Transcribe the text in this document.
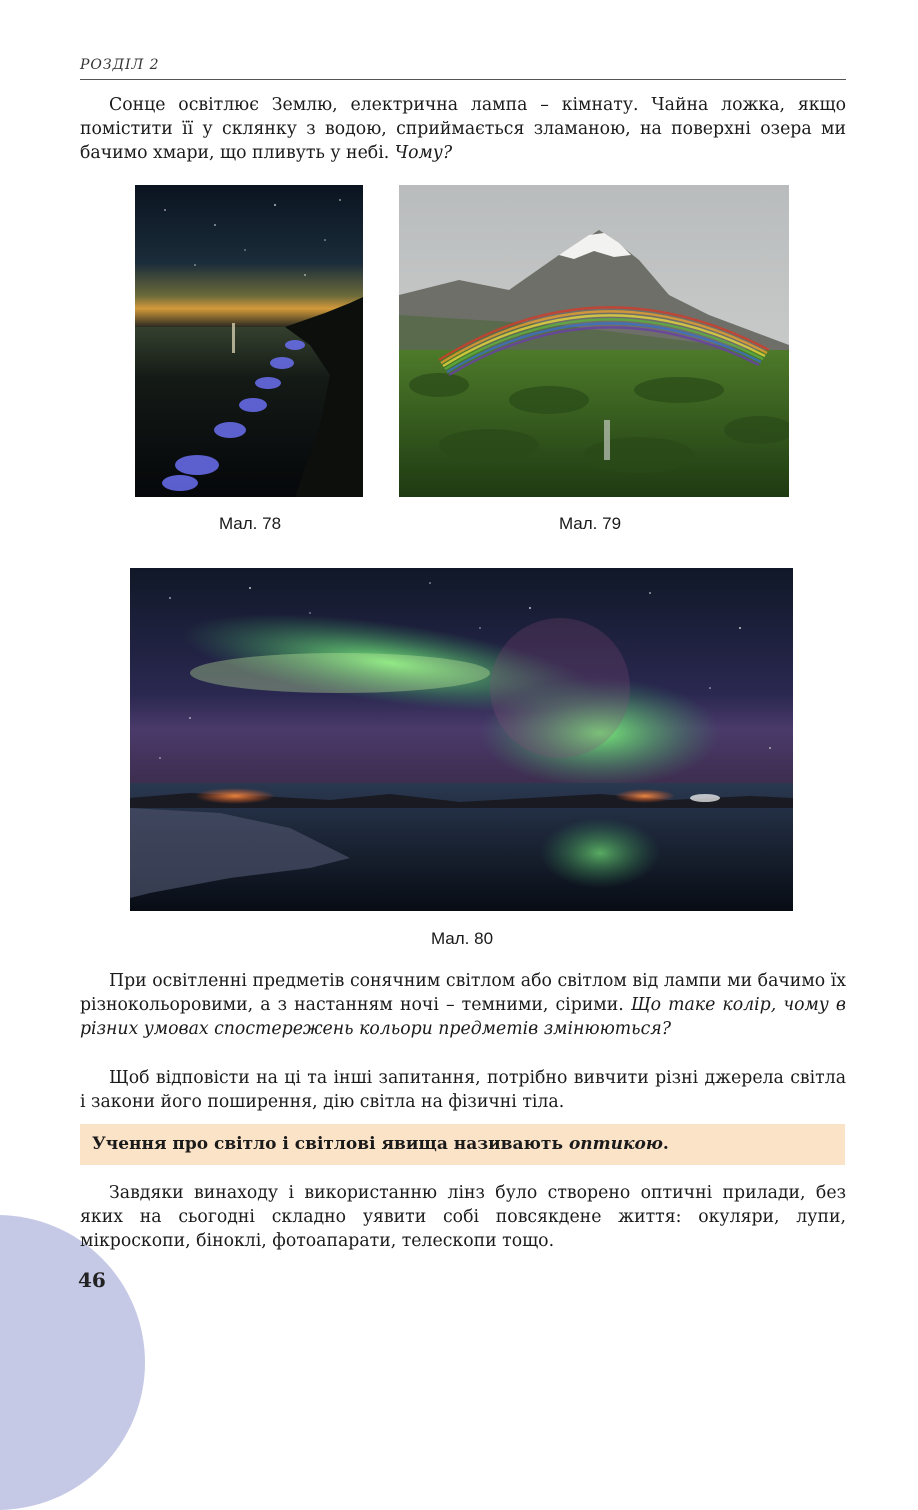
РОЗДІЛ 2

Сонце освітлює Землю, електрична лампа – кімнату. Чайна ложка, якщо помістити її у склянку з водою, сприймається зламаною, на поверхні озера ми бачимо хмари, що пливуть у небі. Чому?

Мал. 78	Мал. 79
Мал. 80

При освітленні предметів сонячним світлом або світлом від лампи ми бачимо їх різнокольоровими, а з настанням ночі – темними, сірими. Що таке колір, чому в різних умовах спостережень кольори предметів змінюються?

Щоб відповісти на ці та інші запитання, потрібно вивчити різні джерела світла і закони його поширення, дію світла на фізичні тіла.

Учення про світло і світлові явища називають оптикою.

Завдяки винаходу і використанню лінз було створено оптичні прилади, без яких на сьогодні складно уявити собі повсякдене життя: окуляри, лупи, мікроскопи, біноклі, фотоапарати, телескопи тощо.

46
